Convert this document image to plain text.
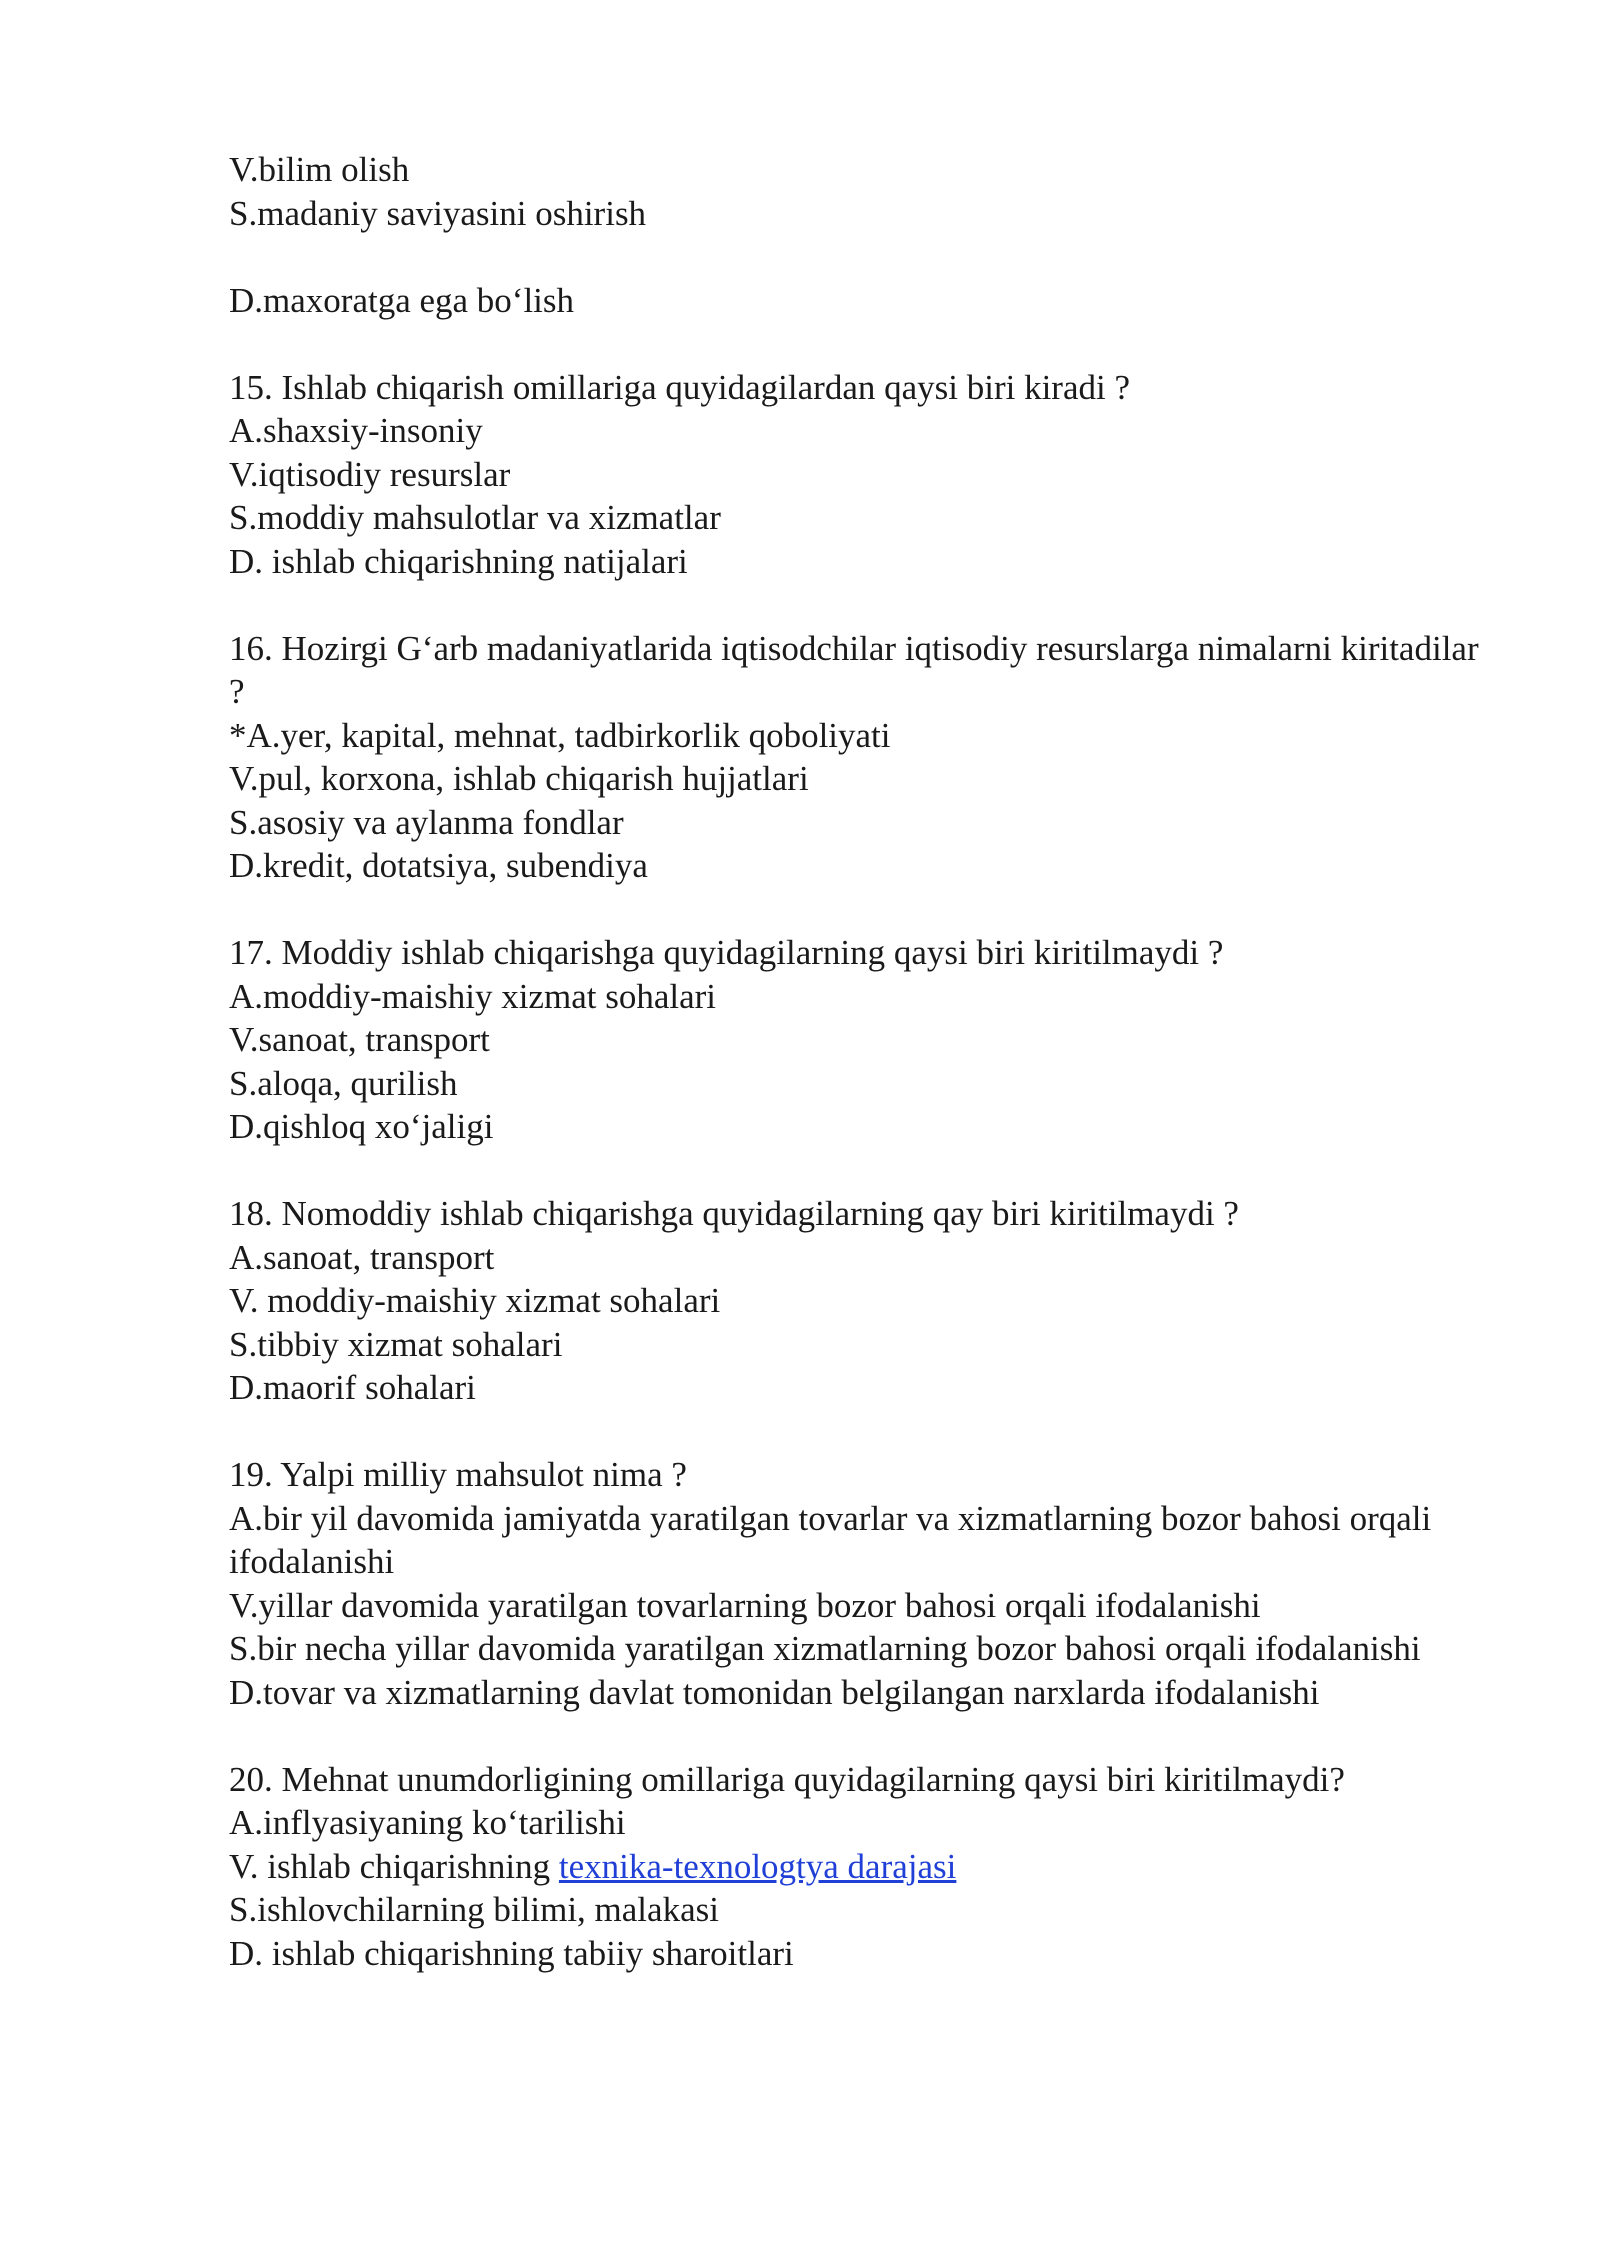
V.bilim olish
S.madaniy saviyasini oshirish
D.maxoratga ega bo‘lish
15. Ishlab chiqarish omillariga quyidagilardan qaysi biri kiradi ?
A.shaxsiy-insoniy
V.iqtisodiy resurslar
S.moddiy mahsulotlar va xizmatlar
D. ishlab chiqarishning natijalari
16. Hozirgi G‘arb madaniyatlarida iqtisodchilar iqtisodiy resurslarga nimalarni kiritadilar ?
*A.yer, kapital, mehnat, tadbirkorlik qoboliyati
V.pul, korxona, ishlab chiqarish hujjatlari
S.asosiy va aylanma fondlar
D.kredit, dotatsiya, subendiya
17. Moddiy ishlab chiqarishga quyidagilarning qaysi biri kiritilmaydi ?
A.moddiy-maishiy xizmat sohalari
V.sanoat, transport
S.aloqa, qurilish
D.qishloq xo‘jaligi
18. Nomoddiy ishlab chiqarishga quyidagilarning qay biri kiritilmaydi ?
A.sanoat, transport
V. moddiy-maishiy xizmat sohalari
S.tibbiy xizmat sohalari
D.maorif sohalari
19. Yalpi milliy mahsulot nima ?
A.bir yil davomida jamiyatda yaratilgan tovarlar va xizmatlarning bozor bahosi orqali ifodalanishi
V.yillar davomida yaratilgan tovarlarning bozor bahosi orqali ifodalanishi
S.bir necha yillar davomida yaratilgan xizmatlarning bozor bahosi orqali ifodalanishi
D.tovar va xizmatlarning davlat tomonidan belgilangan narxlarda ifodalanishi
20. Mehnat unumdorligining omillariga quyidagilarning qaysi biri kiritilmaydi?
A.inflyasiyaning ko‘tarilishi
V. ishlab chiqarishning texnika-texnologtya darajasi
S.ishlovchilarning bilimi, malakasi
D. ishlab chiqarishning tabiiy sharoitlari
